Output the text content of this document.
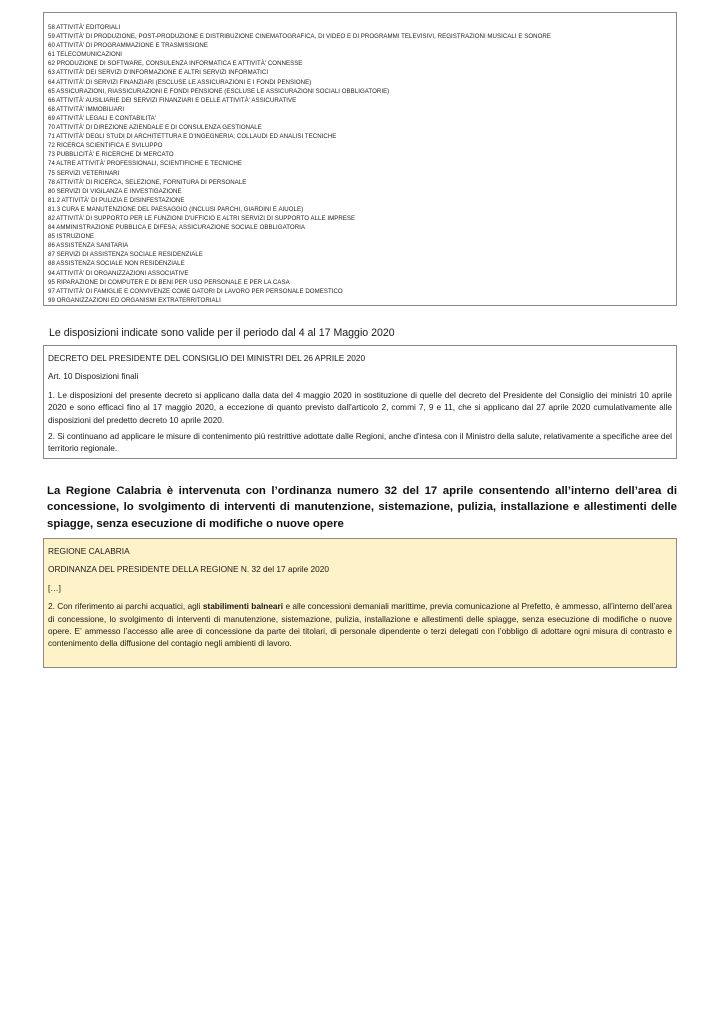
58 ATTIVITÀ' EDITORIALI
59 ATTIVITÀ' DI PRODUZIONE, POST-PRODUZIONE E DISTRIBUZIONE CINEMATOGRAFICA, DI VIDEO E DI PROGRAMMI TELEVISIVI, REGISTRAZIONI MUSICALI E SONORE
60 ATTIVITÀ' DI PROGRAMMAZIONE E TRASMISSIONE
61 TELECOMUNICAZIONI
62 PRODUZIONE DI SOFTWARE, CONSULENZA INFORMATICA E ATTIVITÀ' CONNESSE
63 ATTIVITÀ' DEI SERVIZI D'INFORMAZIONE E ALTRI SERVIZI INFORMATICI
64 ATTIVITÀ' DI SERVIZI FINANZIARI (ESCLUSE LE ASSICURAZIONI E I FONDI PENSIONE)
65 ASSICURAZIONI, RIASSICURAZIONI E FONDI PENSIONE (ESCLUSE LE ASSICURAZIONI SOCIALI OBBLIGATORIE)
66 ATTIVITÀ' AUSILIARIE DEI SERVIZI FINANZIARI E DELLE ATTIVITÀ' ASSICURATIVE
68 ATTIVITÀ' IMMOBILIARI
69 ATTIVITÀ' LEGALI E CONTABILITA'
70 ATTIVITÀ' DI DIREZIONE AZIENDALE E DI CONSULENZA GESTIONALE
71 ATTIVITÀ' DEGLI STUDI DI ARCHITETTURA E D'INGEGNERIA; COLLAUDI ED ANALISI TECNICHE
72 RICERCA SCIENTIFICA E SVILUPPO
73 PUBBLICITÀ' E RICERCHE DI MERCATO
74 ALTRE ATTIVITÀ' PROFESSIONALI, SCIENTIFICHE E TECNICHE
75 SERVIZI VETERINARI
78 ATTIVITÀ' DI RICERCA, SELEZIONE, FORNITURA DI PERSONALE
80 SERVIZI DI VIGILANZA E INVESTIGAZIONE
81.2 ATTIVITÀ' DI PULIZIA E DISINFESTAZIONE
81.3 CURA E MANUTENZIONE DEL PAESAGGIO (INCLUSI PARCHI, GIARDINI E AIUOLE)
82 ATTIVITÀ' DI SUPPORTO PER LE FUNZIONI D'UFFICIO E ALTRI SERVIZI DI SUPPORTO ALLE IMPRESE
84 AMMINISTRAZIONE PUBBLICA E DIFESA; ASSICURAZIONE SOCIALE OBBLIGATORIA
85 ISTRUZIONE
86 ASSISTENZA SANITARIA
87 SERVIZI DI ASSISTENZA SOCIALE RESIDENZIALE
88 ASSISTENZA SOCIALE NON RESIDENZIALE
94 ATTIVITÀ' DI ORGANIZZAZIONI ASSOCIATIVE
95 RIPARAZIONE DI COMPUTER E DI BENI PER USO PERSONALE E PER LA CASA
97 ATTIVITÀ' DI FAMIGLIE E CONVIVENZE COME DATORI DI LAVORO PER PERSONALE DOMESTICO
99 ORGANIZZAZIONI ED ORGANISMI EXTRATERRITORIALI
Le disposizioni indicate sono valide per il periodo dal 4 al 17 Maggio 2020

DECRETO DEL PRESIDENTE DEL CONSIGLIO DEI MINISTRI DEL 26 APRILE 2020

Art. 10 Disposizioni finali

1. Le disposizioni del presente decreto si applicano dalla data del 4 maggio 2020 in sostituzione di quelle del decreto del Presidente del Consiglio dei ministri 10 aprile 2020 e sono efficaci fino al 17 maggio 2020, a eccezione di quanto previsto dall'articolo 2, commi 7, 9 e 11, che si applicano dal 27 aprile 2020 cumulativamente alle disposizioni del predetto decreto 10 aprile 2020.

2. Si continuano ad applicare le misure di contenimento più restrittive adottate dalle Regioni, anche d'intesa con il Ministro della salute, relativamente a specifiche aree del territorio regionale.

La Regione Calabria è intervenuta con l’ordinanza numero 32 del 17 aprile consentendo all’interno dell’area di concessione, lo svolgimento di interventi di manutenzione, sistemazione, pulizia, installazione e allestimenti delle spiagge, senza esecuzione di modifiche o nuove opere

REGIONE CALABRIA

ORDINANZA DEL PRESIDENTE DELLA REGIONE N. 32 del 17 aprile 2020

[…]

2. Con riferimento ai parchi acquatici, agli stabilimenti balneari e alle concessioni demaniali marittime, previa comunicazione al Prefetto, è ammesso, all’interno dell’area di concessione, lo svolgimento di interventi di manutenzione, sistemazione, pulizia, installazione e allestimenti delle spiagge, senza esecuzione di modifiche o nuove opere. E’ ammesso l’accesso alle aree di concessione da parte dei titolari, di personale dipendente o terzi delegati con l’obbligo di adottare ogni misura di contrasto e contenimento della diffusione del contagio negli ambienti di lavoro.
